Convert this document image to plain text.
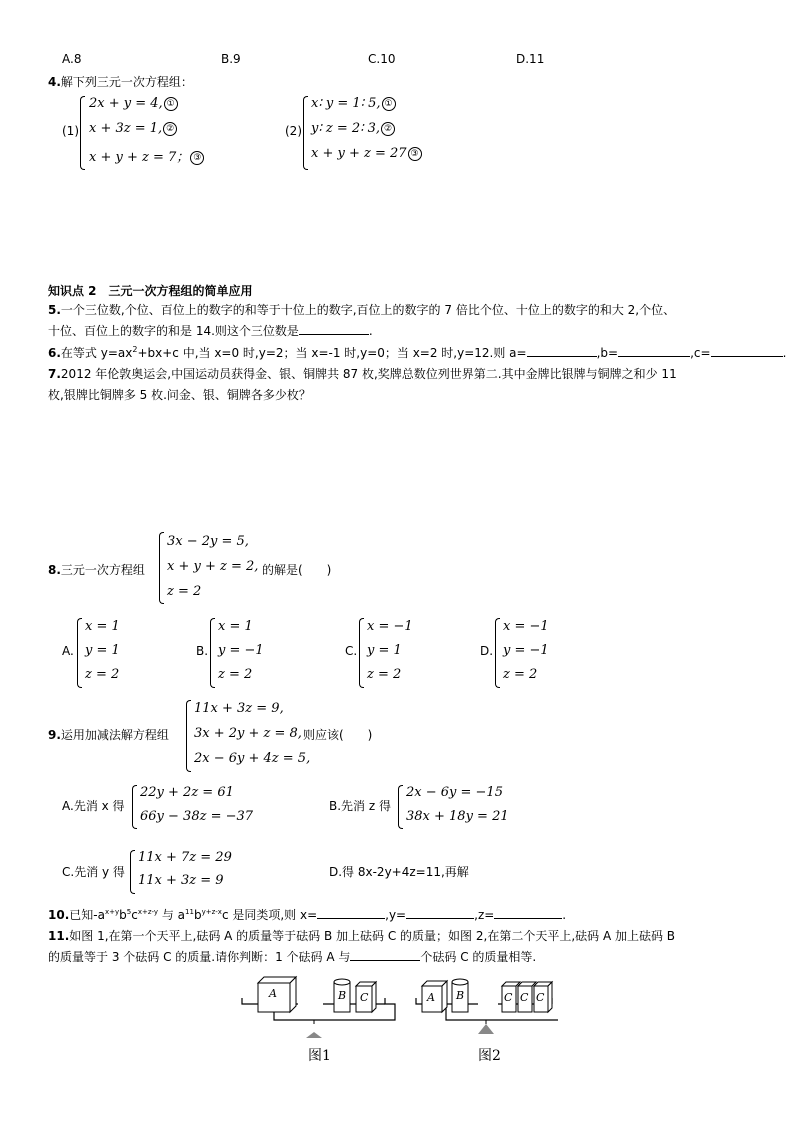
A.8	B.9	C.10	D.11
4.解下列三元一次方程组：
(1)
2x + y = 4, ①
x + 3z = 1, ②
x + y + z = 7； ③
(2)
x∶ y = 1∶ 5, ①
y∶ z = 2∶ 3, ②
x + y + z = 27 ③
知识点 2　三元一次方程组的简单应用
5.一个三位数,个位、百位上的数字的和等于十位上的数字,百位上的数字的 7 倍比个位、十位上的数字的和大 2,个位、
十位、百位上的数字的和是 14.则这个三位数是	.
6.在等式 $y=ax^2+bx+c$ 中,当 x=0 时,y=2；当 x=-1 时,y=0；当 x=2 时,y=12.则 a=	,b=	,c=	.
7.2012 年伦敦奥运会,中国运动员获得金、银、铜牌共 87 枚,奖牌总数位列世界第二.其中金牌比银牌与铜牌之和少 11
枚,银牌比铜牌多 5 枚.问金、银、铜牌各多少枚？
8.三元一次方程组
3x − 2y = 5,
x + y + z = 2,
z = 2
的解是(　　)
A.
x = 1
y = 1
z = 2
B.
x = 1
y = −1
z = 2
C.
x = −1
y = 1
z = 2
D.
x = −1
y = −1
z = 2
9.运用加减法解方程组
11x + 3z = 9,
3x + 2y + z = 8,
2x − 6y + 4z = 5,
则应该(　　)
A.先消 x 得
22y + 2z = 61
66y − 38z = −37
B.先消 z 得
2x − 6y = −15
38x + 18y = 21
C.先消 y 得
11x + 7z = 29
11x + 3z = 9
D.得 8x-2y+4z=11,再解
10.已知$-a^{x+y}b^5c^{x+z-y}$ 与 $a^{11}b^{y+z-x}c$ 是同类项,则 x=	,y=	,z=	.
11.如图 1,在第一个天平上,砝码 A 的质量等于砝码 B 加上砝码 C 的质量；如图 2,在第二个天平上,砝码 A 加上砝码 B
的质量等于 3 个砝码 C 的质量.请你判断：1 个砝码 A 与	个砝码 C 的质量相等.
A	B C	A B	C C C
图1	图2
